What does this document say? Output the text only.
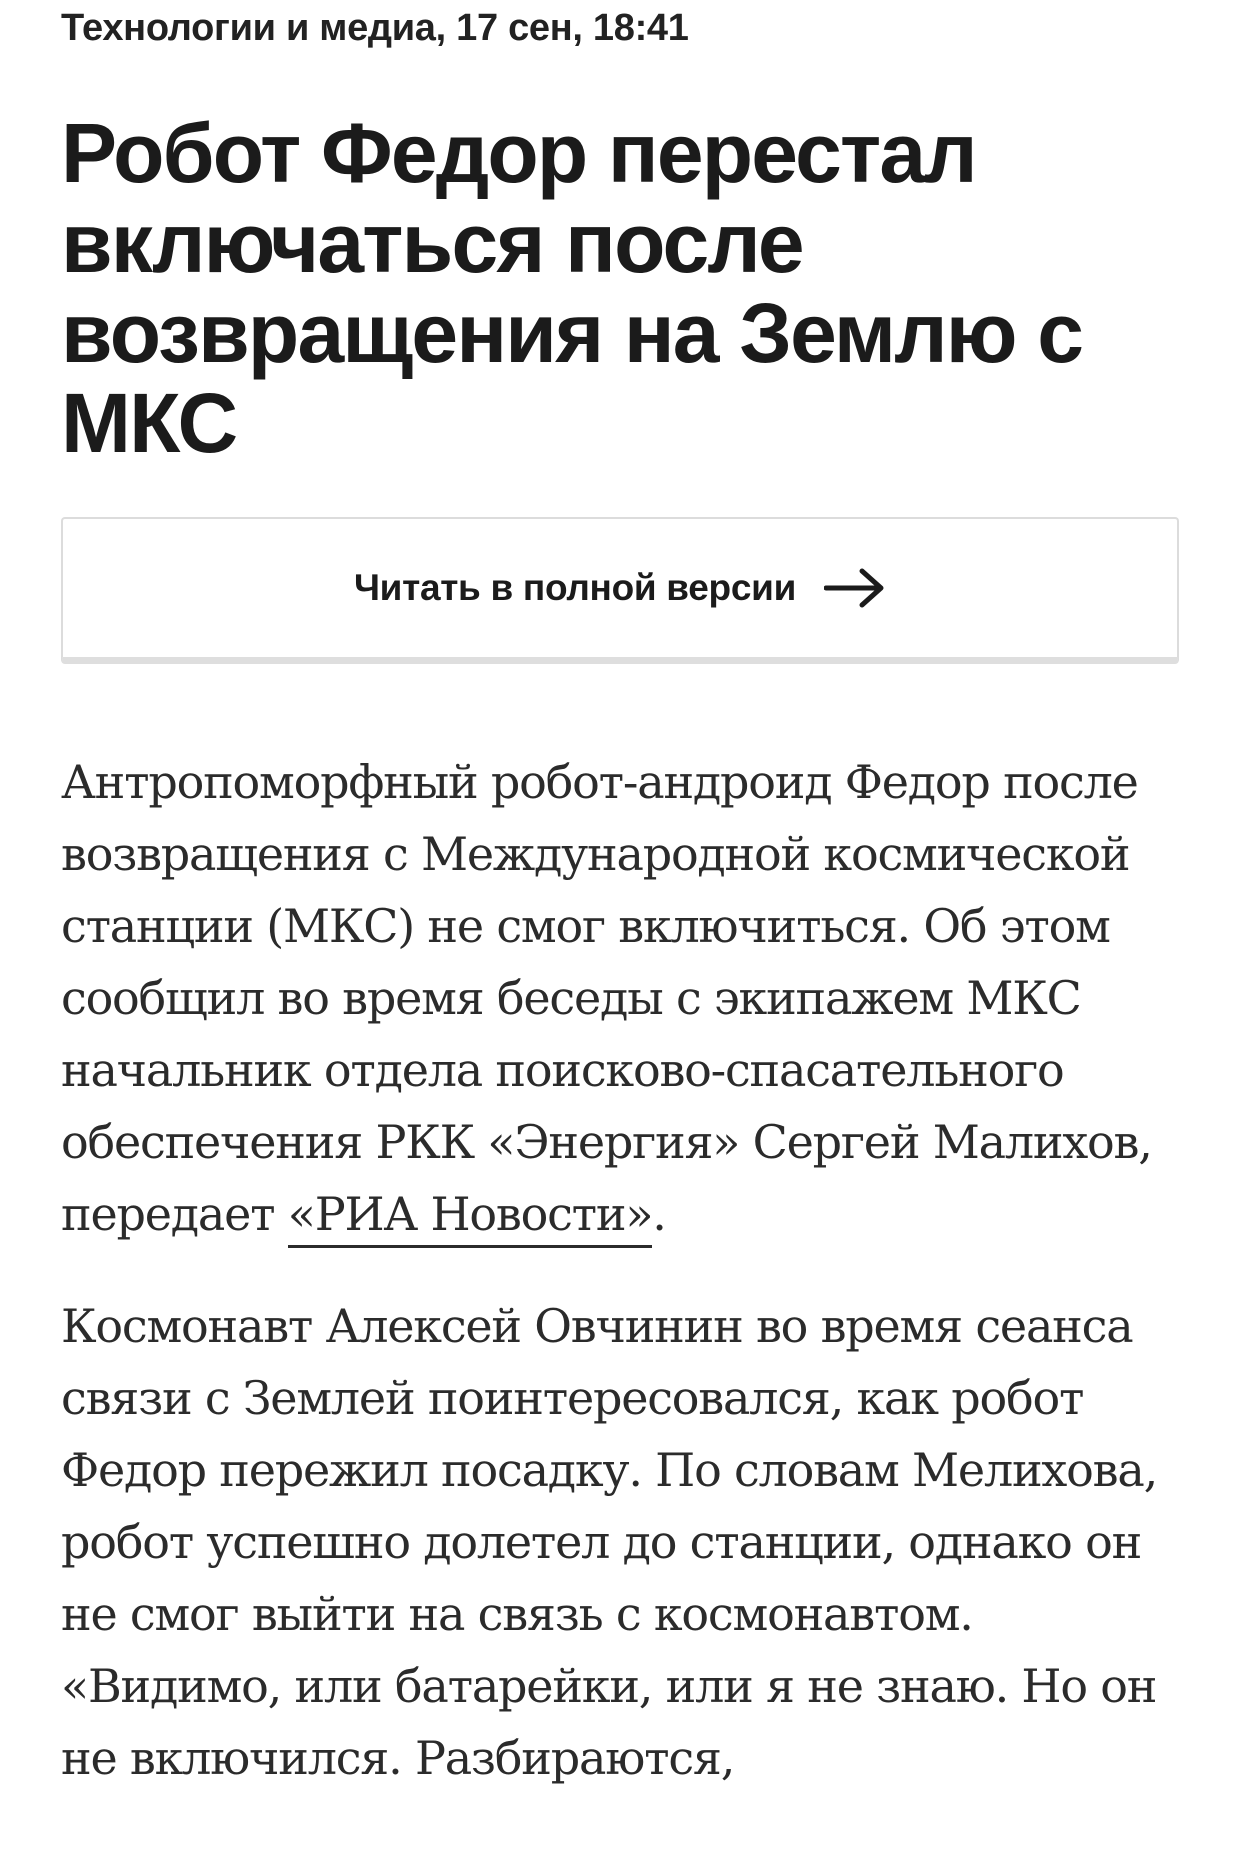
Технологии и медиа, 17 сен, 18:41
Робот Федор перестал включаться после возвращения на Землю с МКС
Читать в полной версии

Антропоморфный робот-андроид Федор после возвращения с Международной космической станции (МКС) не смог включиться. Об этом сообщил во время беседы с экипажем МКС начальник отдела поисково-спасательного обеспечения РКК «Энергия» Сергей Малихов, передает «РИА Новости».

Космонавт Алексей Овчинин во время сеанса связи с Землей поинтересовался, как робот Федор пережил посадку. По словам Мелихова, робот успешно долетел до станции, однако он не смог выйти на связь с космонавтом. «Видимо, или батарейки, или я не знаю. Но он не включился. Разбираются,
